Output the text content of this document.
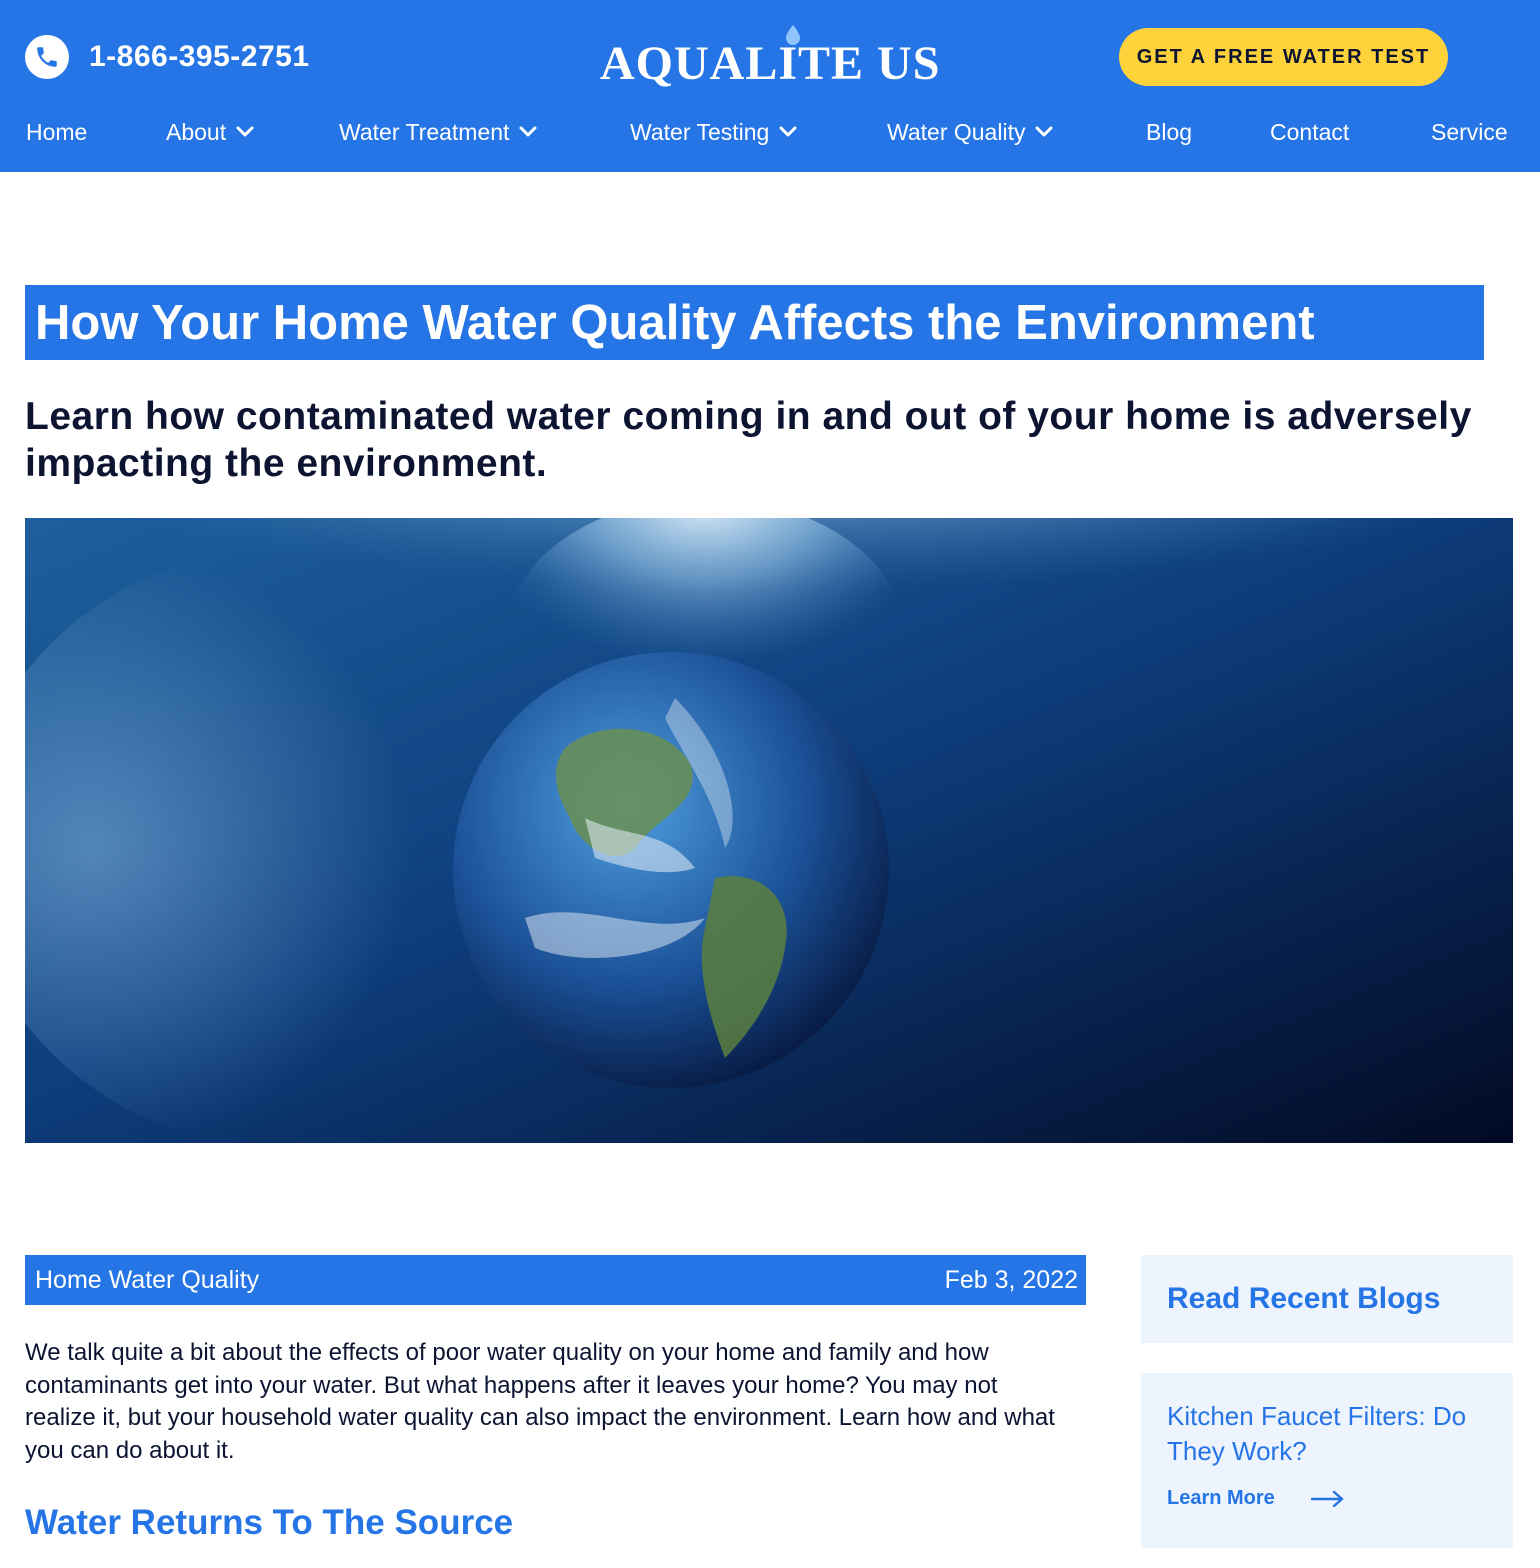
1-866-395-2751	AQUALITE US	GET A FREE WATER TEST
Home	About	Water Treatment	Water Testing	Water Quality	Blog	Contact	Service
How Your Home Water Quality Affects the Environment
Learn how contaminated water coming in and out of your home is adversely impacting the environment.
Home Water Quality	Feb 3, 2022

We talk quite a bit about the effects of poor water quality on your home and family and how contaminants get into your water. But what happens after it leaves your home? You may not realize it, but your household water quality can also impact the environment. Learn how and what you can do about it.

Water Returns To The Source
Read Recent Blogs
Kitchen Faucet Filters: Do They Work?
Learn More
